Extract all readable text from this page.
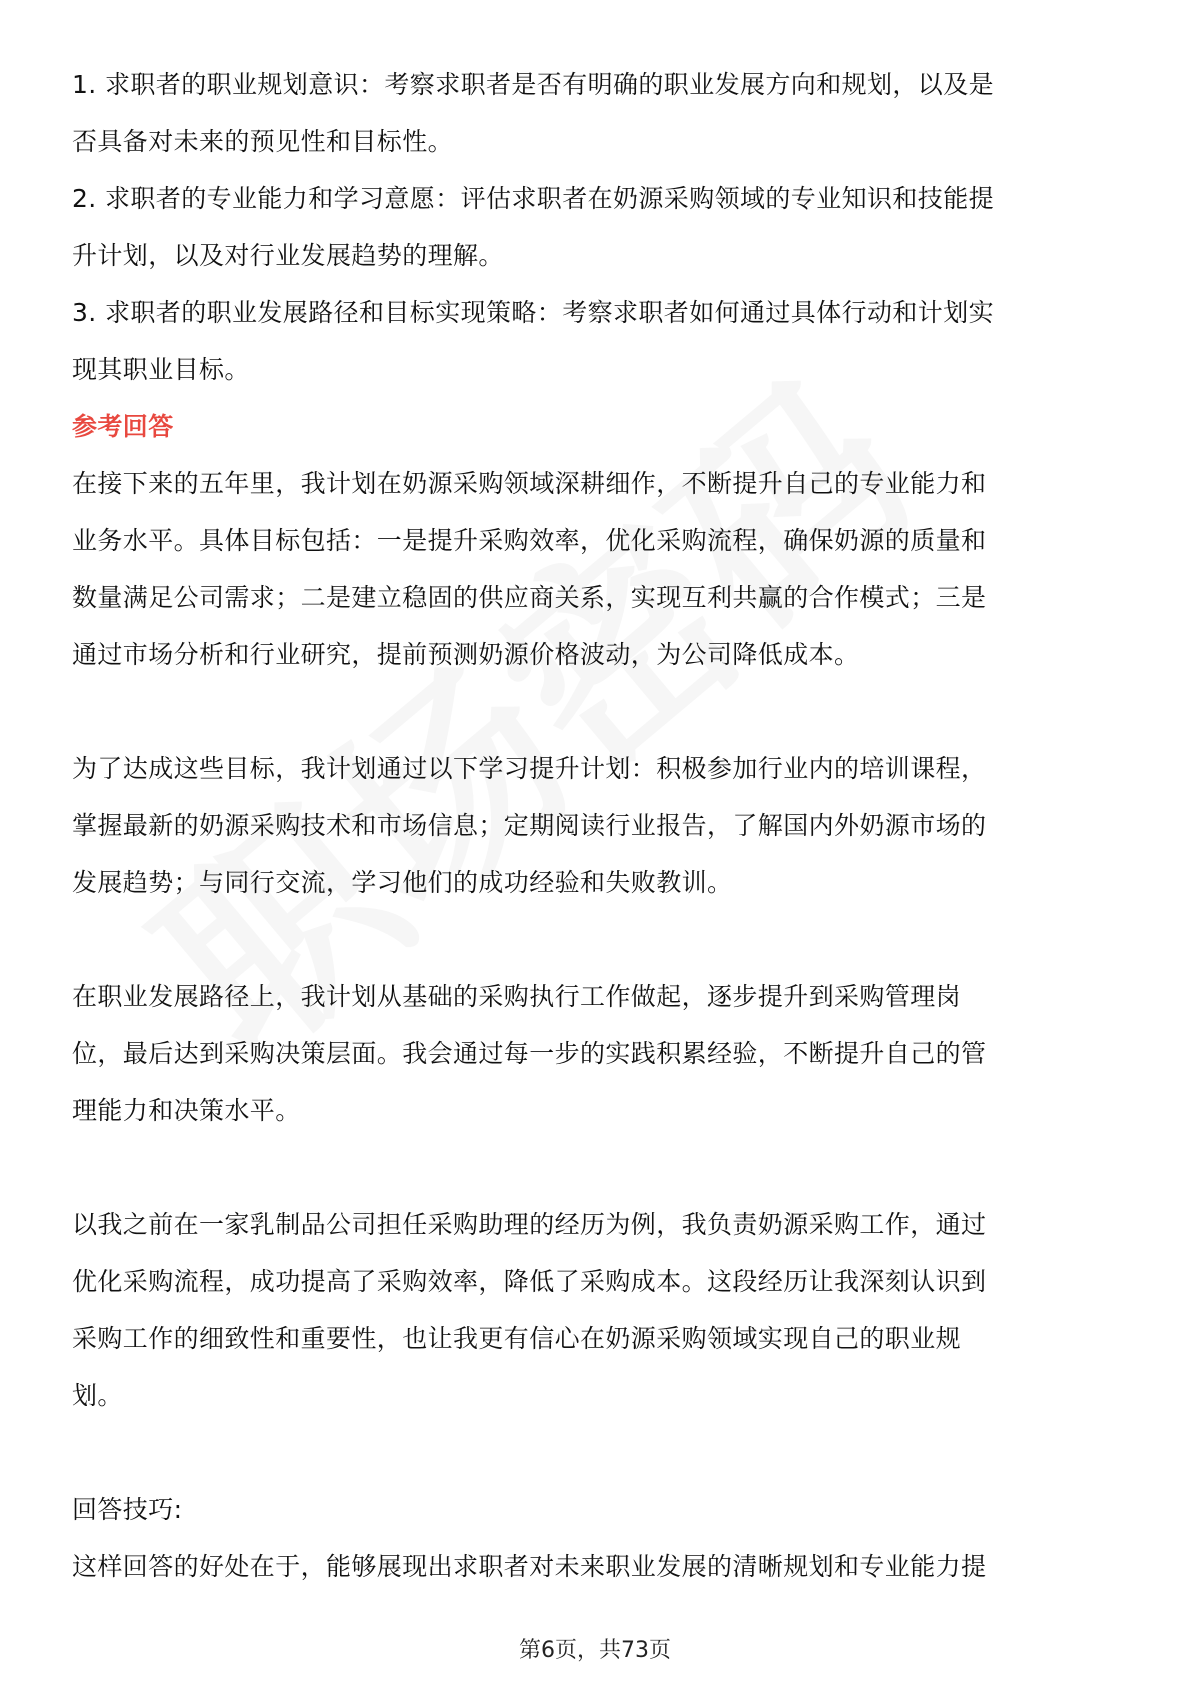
1. 求职者的职业规划意识：考察求职者是否有明确的职业发展方向和规划，以及是
否具备对未来的预见性和目标性。
2. 求职者的专业能力和学习意愿：评估求职者在奶源采购领域的专业知识和技能提
升计划，以及对行业发展趋势的理解。
3. 求职者的职业发展路径和目标实现策略：考察求职者如何通过具体行动和计划实
现其职业目标。
参考回答
在接下来的五年里，我计划在奶源采购领域深耕细作，不断提升自己的专业能力和
业务水平。具体目标包括：一是提升采购效率，优化采购流程，确保奶源的质量和
数量满足公司需求；二是建立稳固的供应商关系，实现互利共赢的合作模式；三是
通过市场分析和行业研究，提前预测奶源价格波动，为公司降低成本。
为了达成这些目标，我计划通过以下学习提升计划：积极参加行业内的培训课程，
掌握最新的奶源采购技术和市场信息；定期阅读行业报告，了解国内外奶源市场的
发展趋势；与同行交流，学习他们的成功经验和失败教训。
在职业发展路径上，我计划从基础的采购执行工作做起，逐步提升到采购管理岗
位，最后达到采购决策层面。我会通过每一步的实践积累经验，不断提升自己的管
理能力和决策水平。
以我之前在一家乳制品公司担任采购助理的经历为例，我负责奶源采购工作，通过
优化采购流程，成功提高了采购效率，降低了采购成本。这段经历让我深刻认识到
采购工作的细致性和重要性，也让我更有信心在奶源采购领域实现自己的职业规
划。
回答技巧:
这样回答的好处在于，能够展现出求职者对未来职业发展的清晰规划和专业能力提
第6页，共73页
